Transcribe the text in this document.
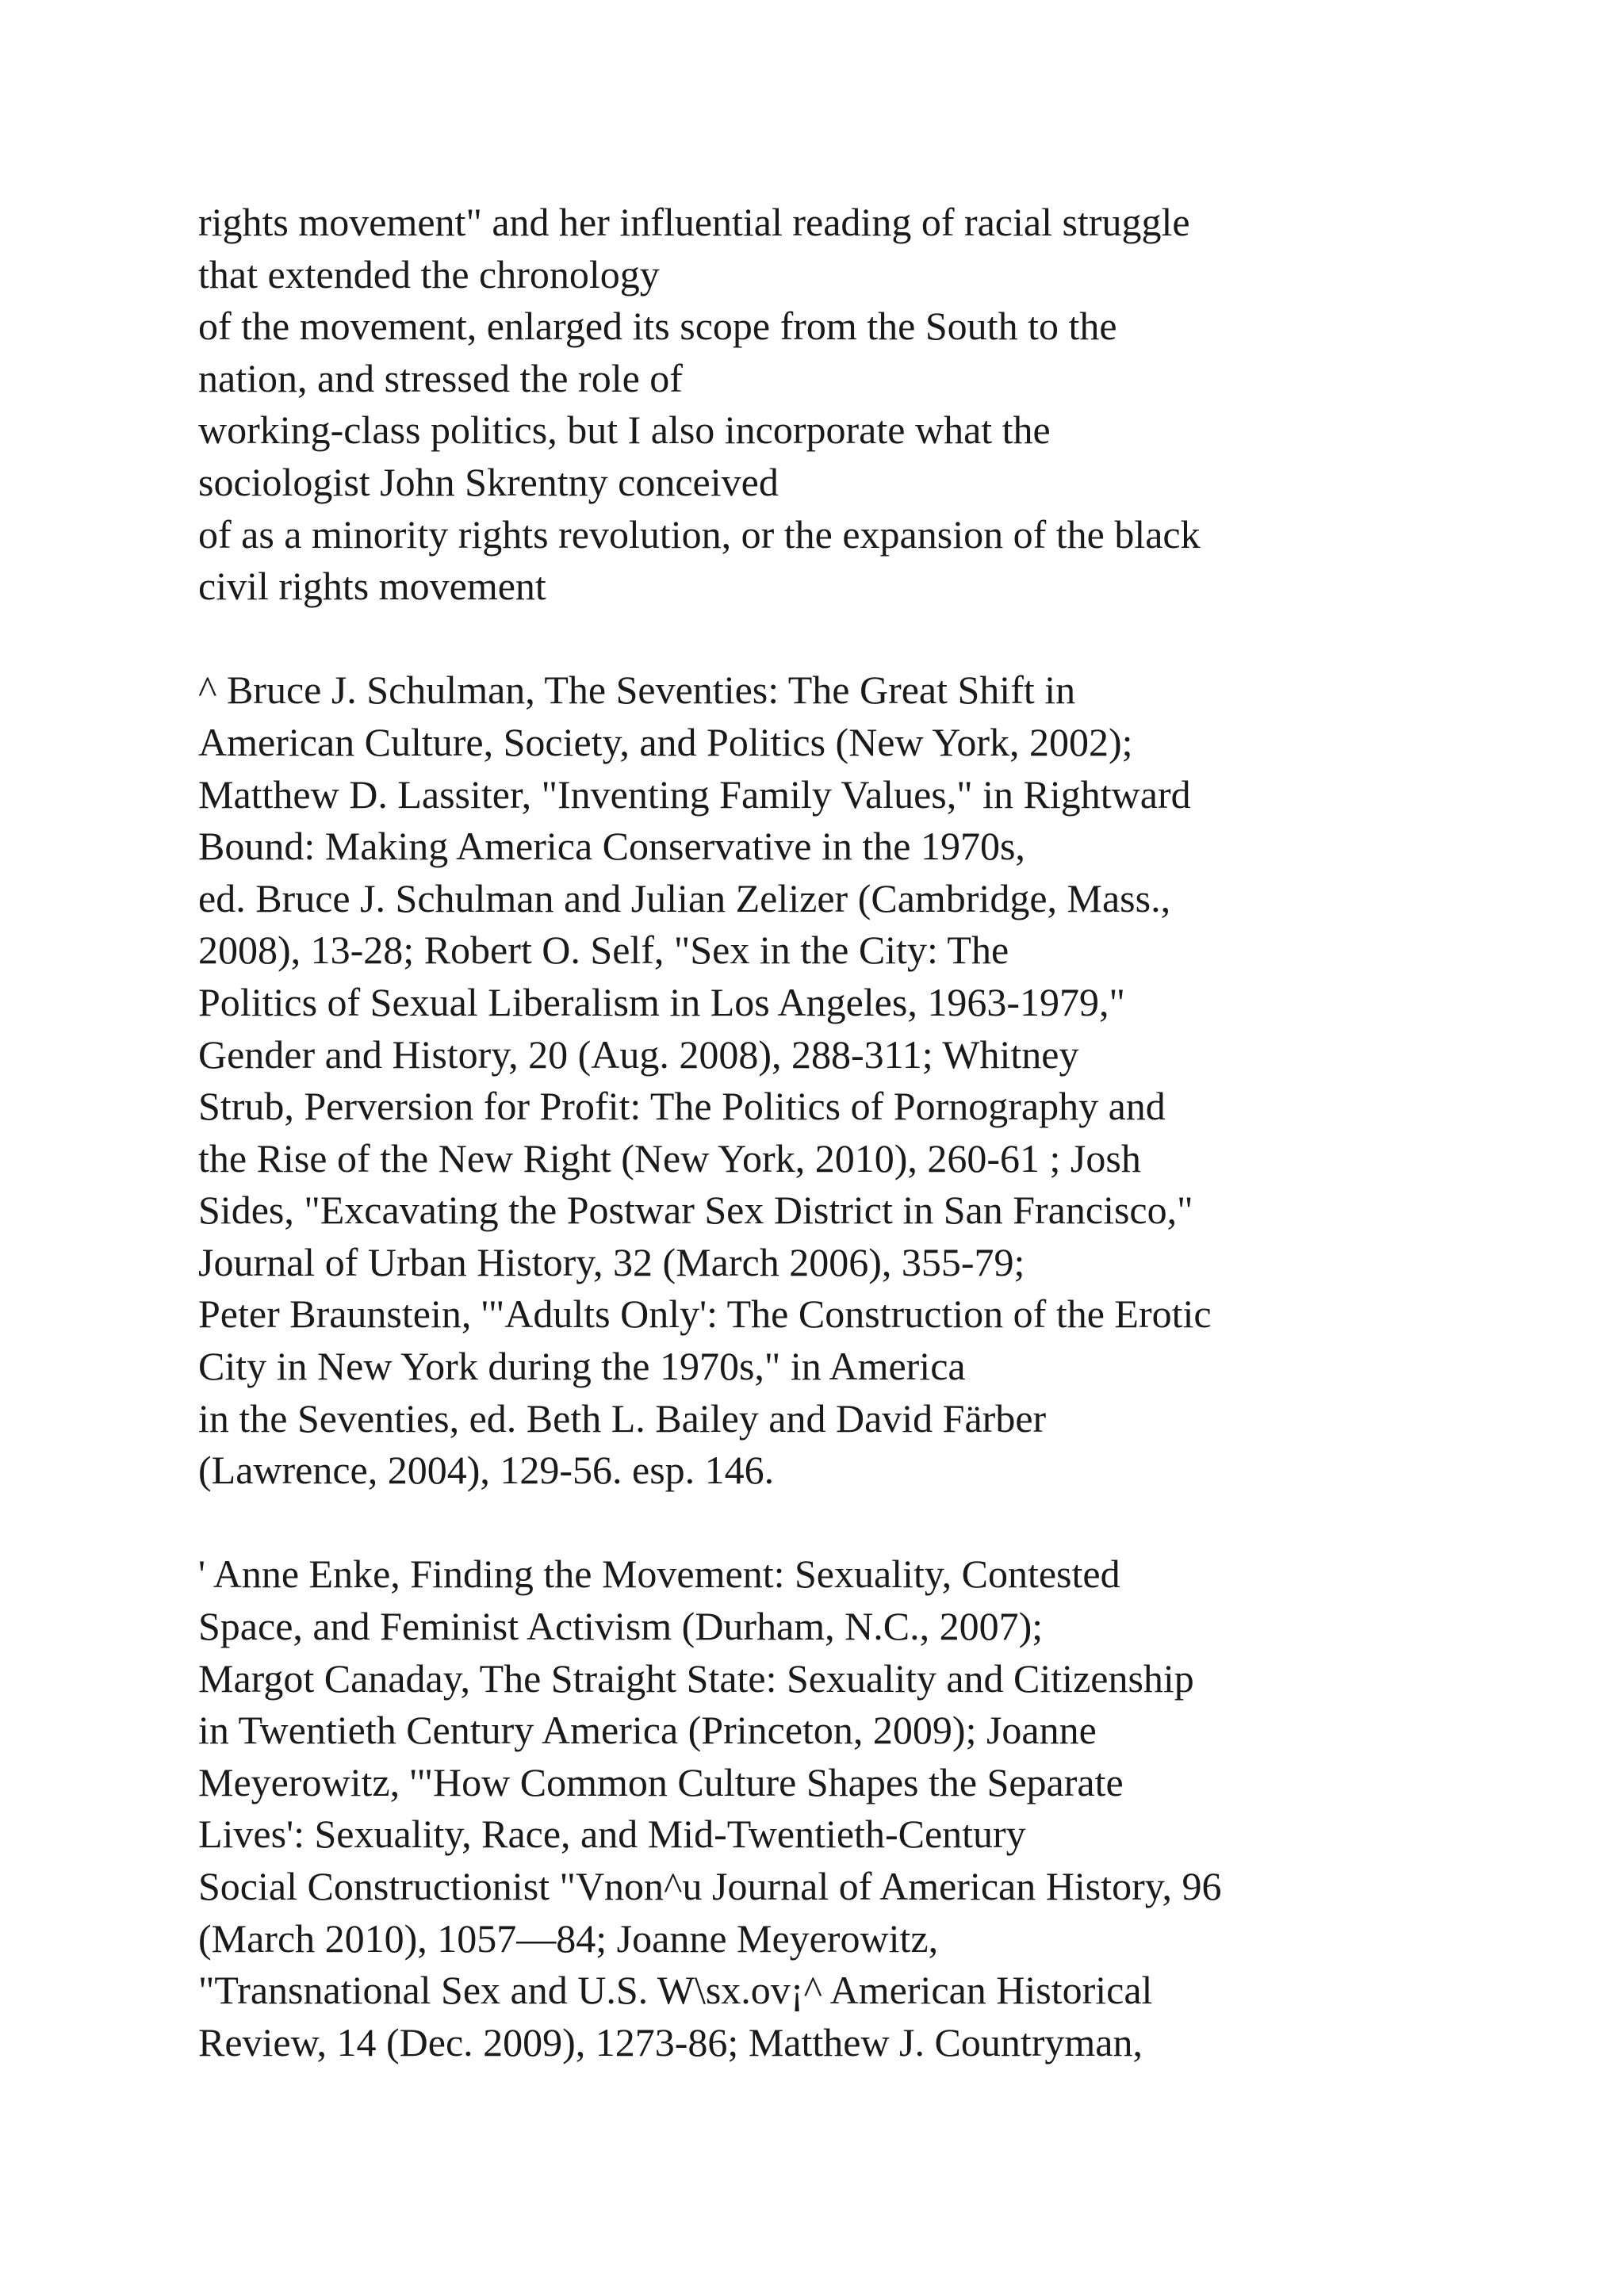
rights movement" and her influential reading of racial struggle
that extended the chronology
of the movement, enlarged its scope from the South to the
nation, and stressed the role of
working-class politics, but I also incorporate what the
sociologist John Skrentny conceived
of as a minority rights revolution, or the expansion of the black
civil rights movement
^ Bruce J. Schulman, The Seventies: The Great Shift in
American Culture, Society, and Politics (New York, 2002);
Matthew D. Lassiter, "Inventing Family Values," in Rightward
Bound: Making America Conservative in the 1970s,
ed. Bruce J. Schulman and Julian Zelizer (Cambridge, Mass.,
2008), 13-28; Robert O. Self, "Sex in the City: The
Politics of Sexual Liberalism in Los Angeles, 1963-1979,"
Gender and History, 20 (Aug. 2008), 288-311; Whitney
Strub, Perversion for Profit: The Politics of Pornography and
the Rise of the New Right (New York, 2010), 260-61 ; Josh
Sides, "Excavating the Postwar Sex District in San Francisco,"
Journal of Urban History, 32 (March 2006), 355-79;
Peter Braunstein, '"Adults Only': The Construction of the Erotic
City in New York during the 1970s," in America
in the Seventies, ed. Beth L. Bailey and David Färber
(Lawrence, 2004), 129-56. esp. 146.
' Anne Enke, Finding the Movement: Sexuality, Contested
Space, and Feminist Activism (Durham, N.C., 2007);
Margot Canaday, The Straight State: Sexuality and Citizenship
in Twentieth Century America (Princeton, 2009); Joanne
Meyerowitz, '"How Common Culture Shapes the Separate
Lives': Sexuality, Race, and Mid-Twentieth-Century
Social Constructionist "Vnon^u Journal of American History, 96
(March 2010), 1057—84; Joanne Meyerowitz,
"Transnational Sex and U.S. W\sx.ov¡^ American Historical
Review, 14 (Dec. 2009), 1273-86; Matthew J. Countryman,
